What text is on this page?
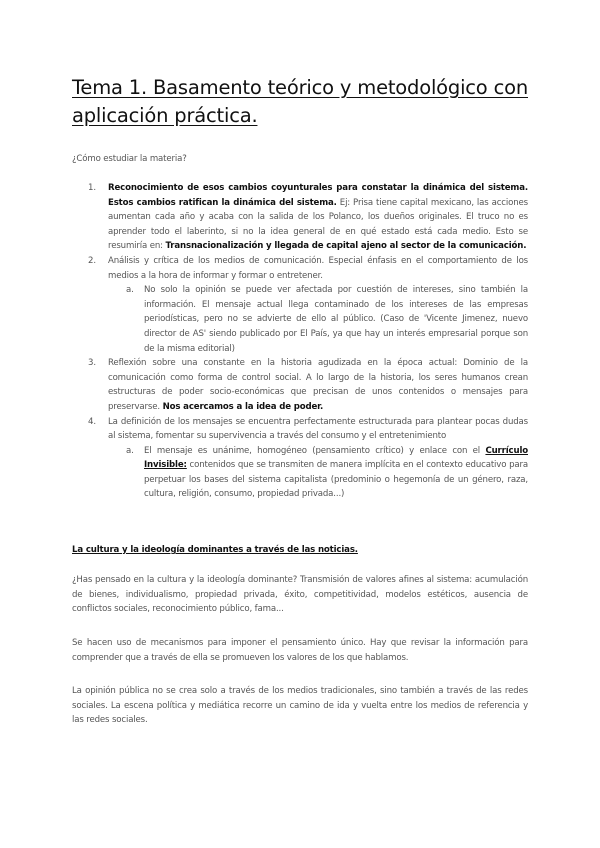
Tema 1. Basamento teórico y metodológico con aplicación práctica.
¿Cómo estudiar la materia?
1. Reconocimiento de esos cambios coyunturales para constatar la dinámica del sistema. Estos cambios ratifican la dinámica del sistema. Ej: Prisa tiene capital mexicano, las acciones aumentan cada año y acaba con la salida de los Polanco, los dueños originales. El truco no es aprender todo el laberinto, si no la idea general de en qué estado está cada medio. Esto se resumiría en: Transnacionalización y llegada de capital ajeno al sector de la comunicación.
2. Análisis y crítica de los medios de comunicación. Especial énfasis en el comportamiento de los medios a la hora de informar y formar o entretener.
a. No solo la opinión se puede ver afectada por cuestión de intereses, sino también la información. El mensaje actual llega contaminado de los intereses de las empresas periodísticas, pero no se advierte de ello al público. (Caso de 'Vicente Jimenez, nuevo director de AS' siendo publicado por El País, ya que hay un interés empresarial porque son de la misma editorial)
3. Reflexión sobre una constante en la historia agudizada en la época actual: Dominio de la comunicación como forma de control social. A lo largo de la historia, los seres humanos crean estructuras de poder socio-económicas que precisan de unos contenidos o mensajes para preservarse. Nos acercamos a la idea de poder.
4. La definición de los mensajes se encuentra perfectamente estructurada para plantear pocas dudas al sistema, fomentar su supervivencia a través del consumo y el entretenimiento
a. El mensaje es unánime, homogéneo (pensamiento crítico) y enlace con el Currículo Invisible: contenidos que se transmiten de manera implícita en el contexto educativo para perpetuar los bases del sistema capitalista (predominio o hegemonía de un género, raza, cultura, religión, consumo, propiedad privada...)
La cultura y la ideología dominantes a través de las noticias.

¿Has pensado en la cultura y la ideología dominante? Transmisión de valores afines al sistema: acumulación de bienes, individualismo, propiedad privada, éxito, competitividad, modelos estéticos, ausencia de conflictos sociales, reconocimiento público, fama...

Se hacen uso de mecanismos para imponer el pensamiento único. Hay que revisar la información para comprender que a través de ella se promueven los valores de los que hablamos.

La opinión pública no se crea solo a través de los medios tradicionales, sino también a través de las redes sociales. La escena política y mediática recorre un camino de ida y vuelta entre los medios de referencia y las redes sociales.
